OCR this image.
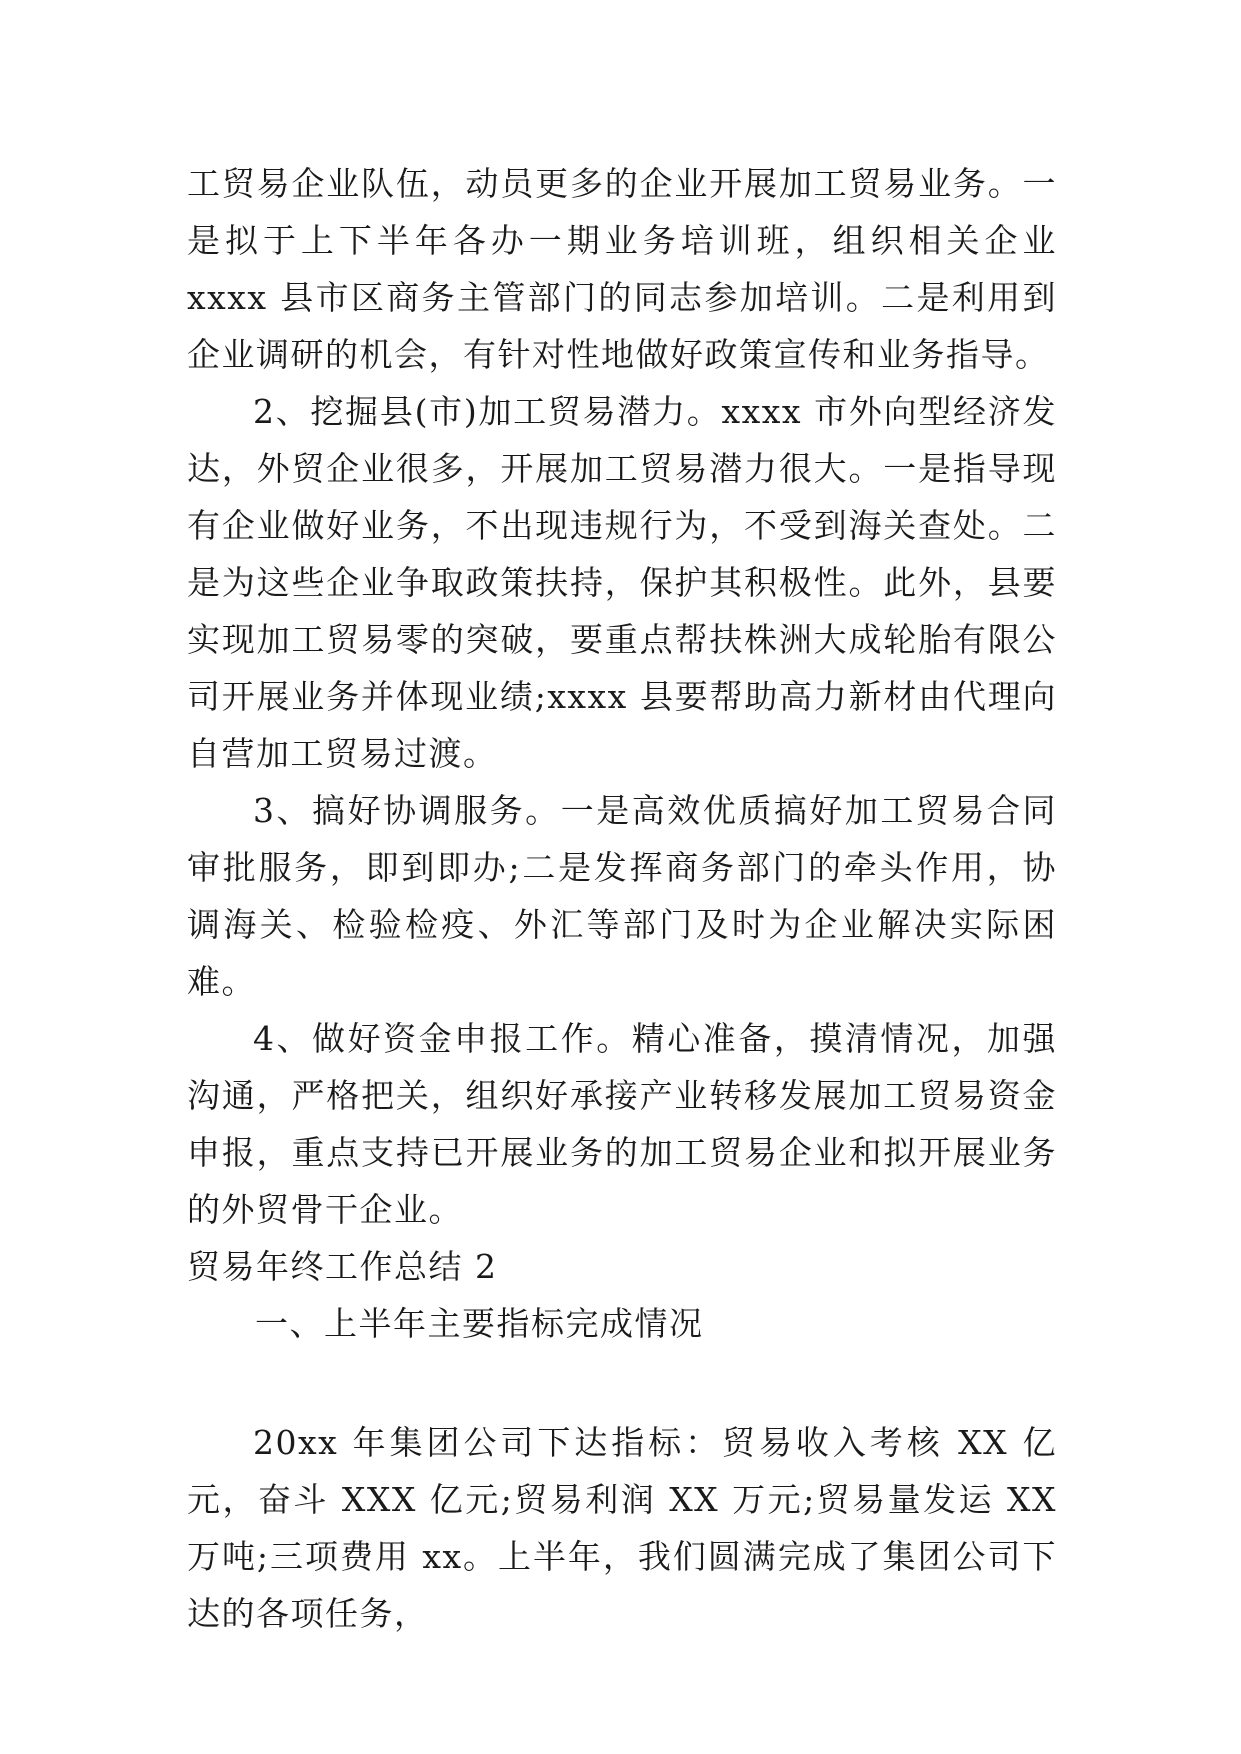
工贸易企业队伍，动员更多的企业开展加工贸易业务。一是拟于上下半年各办一期业务培训班，组织相关企业 xxxx 县市区商务主管部门的同志参加培训。二是利用到企业调研的机会，有针对性地做好政策宣传和业务指导。

2、挖掘县(市)加工贸易潜力。xxxx 市外向型经济发达，外贸企业很多，开展加工贸易潜力很大。一是指导现有企业做好业务，不出现违规行为，不受到海关查处。二是为这些企业争取政策扶持，保护其积极性。此外，县要实现加工贸易零的突破，要重点帮扶株洲大成轮胎有限公司开展业务并体现业绩;xxxx 县要帮助高力新材由代理向自营加工贸易过渡。

3、搞好协调服务。一是高效优质搞好加工贸易合同审批服务，即到即办;二是发挥商务部门的牵头作用，协调海关、检验检疫、外汇等部门及时为企业解决实际困难。

4、做好资金申报工作。精心准备，摸清情况，加强沟通，严格把关，组织好承接产业转移发展加工贸易资金申报，重点支持已开展业务的加工贸易企业和拟开展业务的外贸骨干企业。

贸易年终工作总结 2

一、上半年主要指标完成情况

20xx 年集团公司下达指标：贸易收入考核 XX 亿元，奋斗 XXX 亿元;贸易利润 XX 万元;贸易量发运 XX 万吨;三项费用 xx。上半年，我们圆满完成了集团公司下达的各项任务，
